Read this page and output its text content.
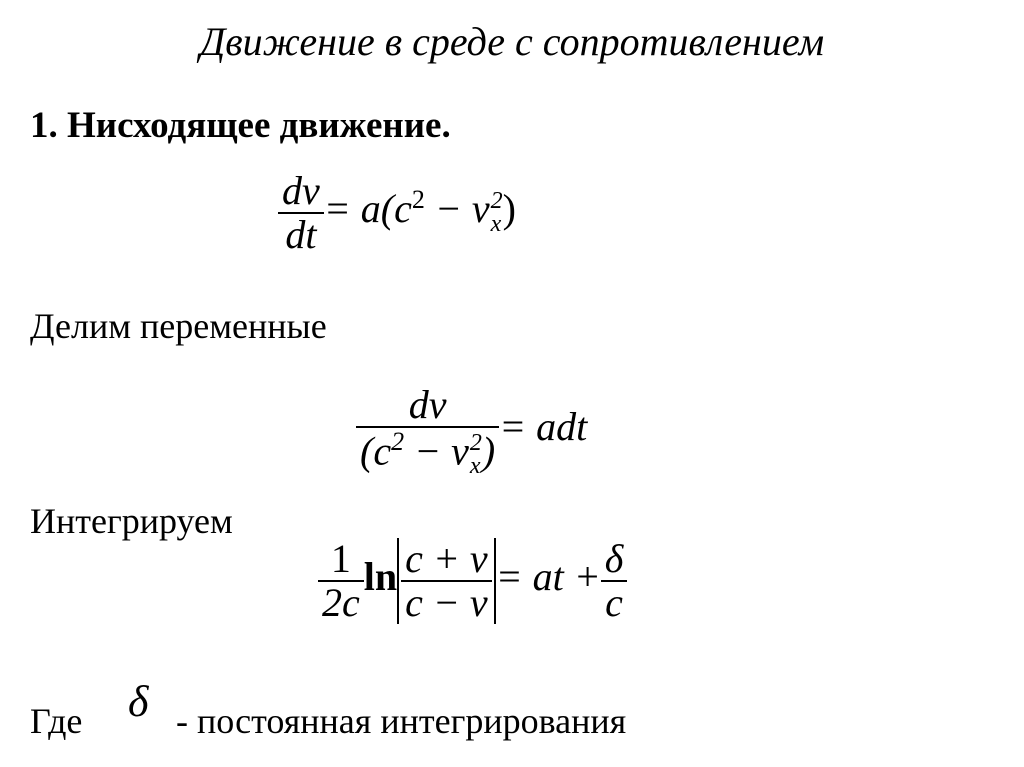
Движение в среде с сопротивлением
1. Нисходящее движение.
$\frac{dv}{dt} = a(c^2 - v$ 2
x )
Делим переменные
dv
($c^2 - v$ 2
x ) = adt
Интегрируем
$\frac{1}{2c}$ $\ln \frac{c + v}{c - v}$ = at + $\frac{\delta}{c}$
Где δ - постоянная интегрирования
